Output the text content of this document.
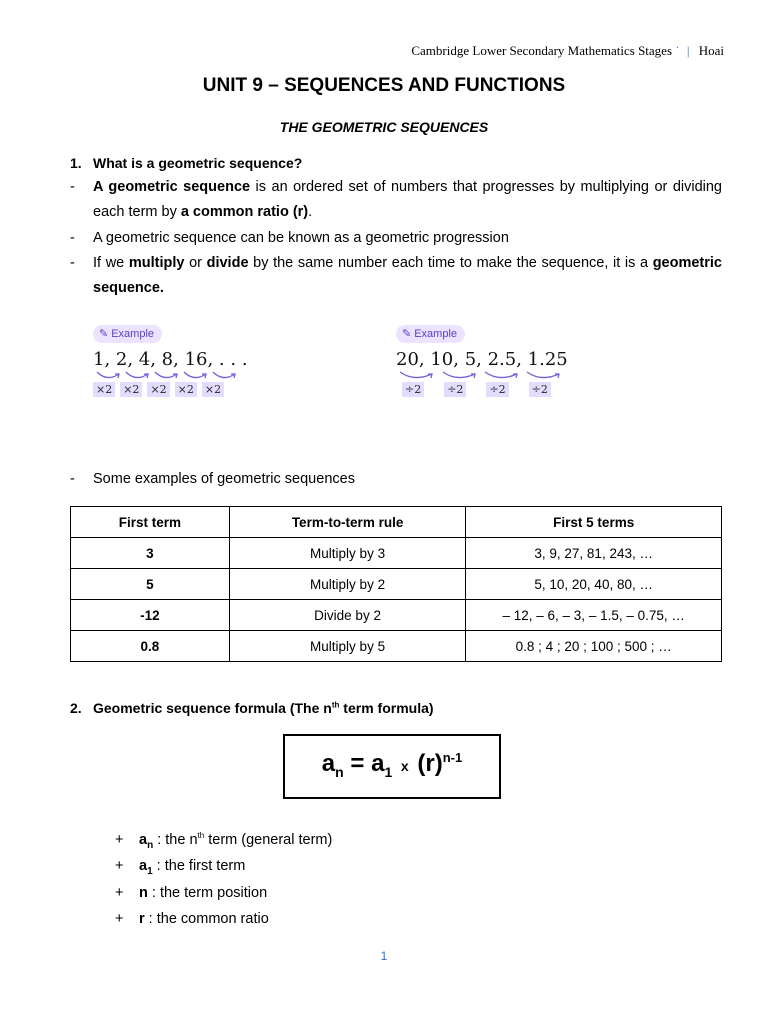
Cambridge Lower Secondary Mathematics Stages ˙ | Hoai
UNIT 9 – SEQUENCES AND FUNCTIONS
THE GEOMETRIC SEQUENCES
1. What is a geometric sequence?
- A geometric sequence is an ordered set of numbers that progresses by multiplying or dividing each term by a common ratio (r).
- A geometric sequence can be known as a geometric progression
- If we multiply or divide by the same number each time to make the sequence, it is a geometric sequence.
✎ Example
1, 2, 4, 8, 16, . . .
×2 ×2 ×2 ×2 ×2
✎ Example
20, 10, 5, 2.5, 1.25
÷2 ÷2 ÷2 ÷2
- Some examples of geometric sequences
First term	Term-to-term rule	First 5 terms
3	Multiply by 3	3, 9, 27, 81, 243, …
5	Multiply by 2	5, 10, 20, 40, 80, …
-12	Divide by 2	– 12, – 6, – 3, – 1.5, – 0.75, …
0.8	Multiply by 5	0.8 ; 4 ; 20 ; 100 ; 500 ; …
2. Geometric sequence formula (The $n^{th}$ term formula)
$a_n = a_1$ x $(r)^{n-1}$
+ $a_n$ : the $n^{th}$ term (general term)
+ $a_1$ : the first term
+ n : the term position
+ r : the common ratio
1
